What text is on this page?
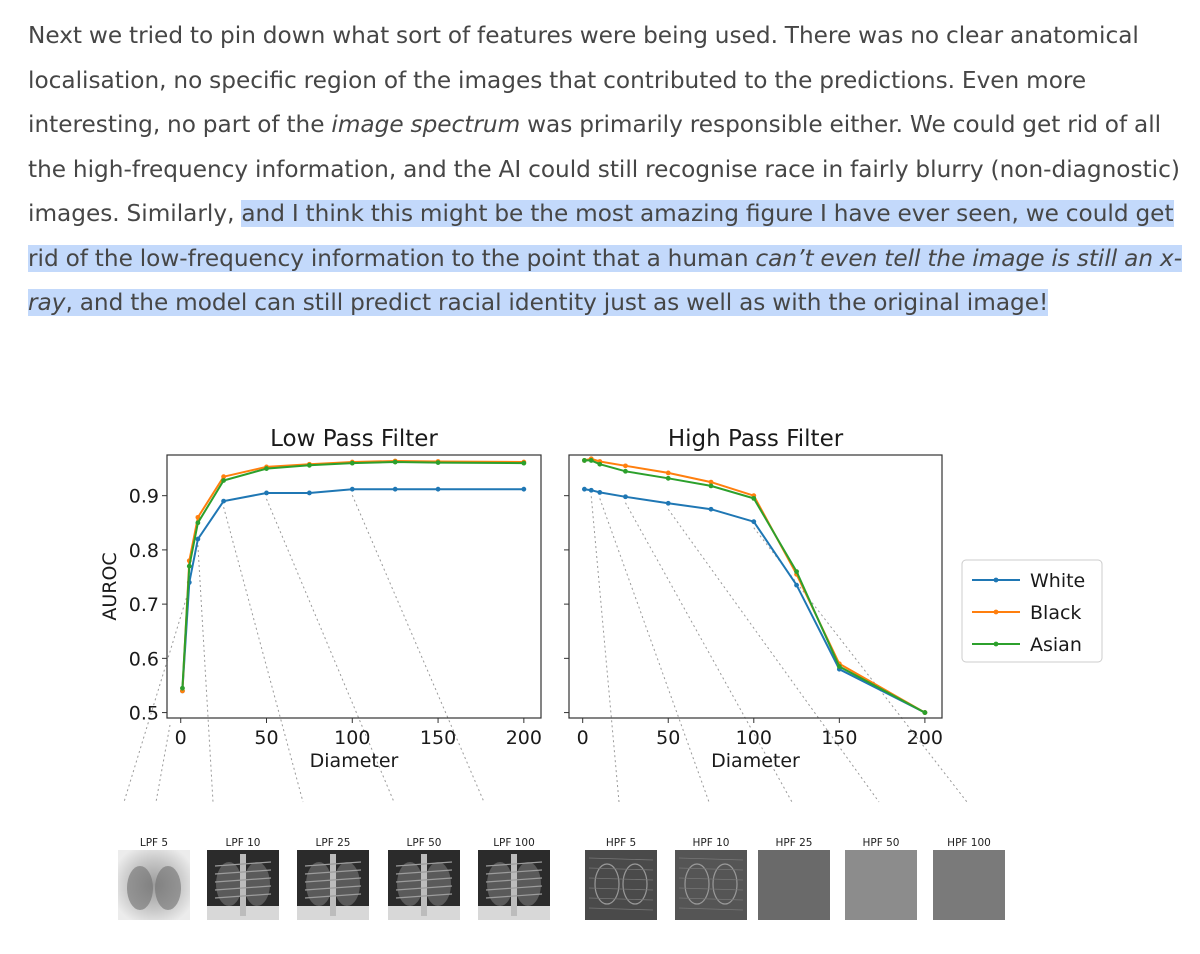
Next we tried to pin down what sort of features were being used. There was no clear anatomical localisation, no specific region of the images that contributed to the predictions. Even more interesting, no part of the image spectrum was primarily responsible either. We could get rid of all the high-frequency information, and the AI could still recognise race in fairly blurry (non-diagnostic) images. Similarly, and I think this might be the most amazing figure I have ever seen, we could get rid of the low-frequency information to the point that a human can’t even tell the image is still an x-ray, and the model can still predict racial identity just as well as with the original image!

LPF 5	LPF 10	LPF 25	LPF 50	LPF 100	HPF 5	HPF 10	HPF 25	HPF 50	HPF 100
Low Pass Filter
0	50	100	150	200
0.5
0.6
0.7
0.8
0.9
Diameter
AUROC
High Pass Filter
0	50	100	150	200
Diameter
White
Black
Asian
